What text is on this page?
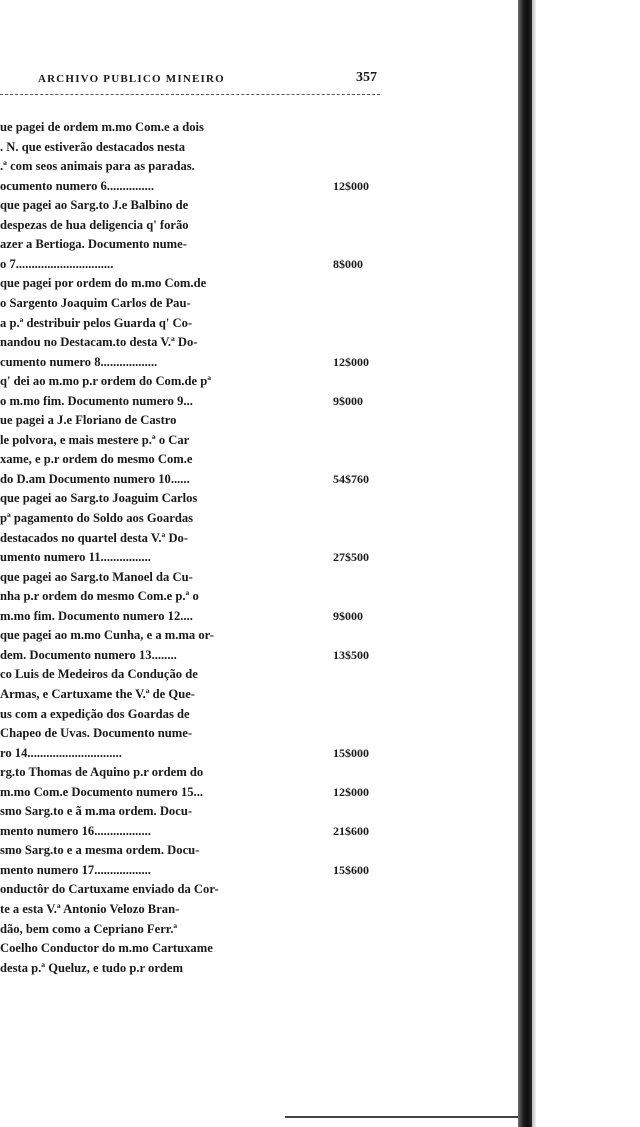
ARCHIVO PUBLICO MINEIRO	357
ue pagei de ordem m.mo Com.e a dois
. N. que estiverão destacados nesta
.ª com seos animais para as paradas.
ocumento numero 6...............	12$000
que pagei ao Sarg.to J.e Balbino de
despezas de hua deligencia q' forão
azer a Bertioga. Documento nume-
o 7...............................	8$000
que pagei por ordem do m.mo Com.de
o Sargento Joaquim Carlos de Pau-
a p.ª destribuir pelos Guarda q' Co-
nandou no Destacam.to desta V.ª Do-
cumento numero 8..................	12$000
q' dei ao m.mo p.r ordem do Com.de pª
o m.mo fim. Documento numero 9...	9$000
ue pagei a J.e Floriano de Castro
le polvora, e mais mestere p.ª o Car
xame, e p.r ordem do mesmo Com.e
do D.am Documento numero 10......	54$760
que pagei ao Sarg.to Joaguim Carlos
pª pagamento do Soldo aos Goardas
destacados no quartel desta V.ª Do-
umento numero 11................	27$500
que pagei ao Sarg.to Manoel da Cu-
nha p.r ordem do mesmo Com.e p.ª o
m.mo fim. Documento numero 12....	9$000
que pagei ao m.mo Cunha, e a m.ma or-
dem. Documento numero 13........	13$500
co Luis de Medeiros da Condução de
Armas, e Cartuxame the V.ª de Que-
us com a expedição dos Goardas de
Chapeo de Uvas. Documento nume-
ro 14..............................	15$000
rg.to Thomas de Aquino p.r ordem do
m.mo Com.e Documento numero 15...	12$000
smo Sarg.to e ã m.ma ordem. Docu-
mento numero 16..................	21$600
smo Sarg.to e a mesma ordem. Docu-
mento numero 17..................	15$600
onductôr do Cartuxame enviado da Cor-
te a esta V.ª Antonio Velozo Bran-
dão, bem como a Cepriano Ferr.ª
Coelho Conductor do m.mo Cartuxame
desta p.ª Queluz, e tudo p.r ordem
